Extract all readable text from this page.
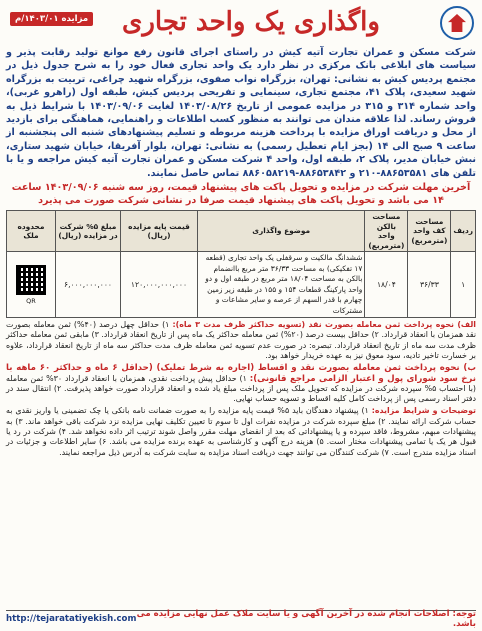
واگذاری یک واحد تجاری
مزایده ۱۴۰۳/۰۱/م
شرکت مسکن و عمران تجارت آتیه کیش در راستای اجرای قانون رفع موانع تولید رقابت پذیر و سیاست های ابلاغی بانک مرکزی در نظر دارد یک واحد تجاری فعال خود را به شرح جدول ذیل در مجتمع پردیس کیش به نشانی: تهران، بزرگراه نواب صفوی، بزرگراه شهید چراغی، تربیت به بزرگراه شهید سعیدی، پلاک ۴۱، مجتمع تجاری، سینمایی و تفریحی پردیس کیش، طبقه اول (راهرو غربی)، واحد شماره ۳۱۴ و ۳۱۵ در مزایده عمومی از تاریخ ۱۴۰۳/۰۸/۲۶ لغایت ۱۴۰۳/۰۹/۰۶ با شرایط ذیل به فروش رساند. لذا علاقه مندان می توانند به منظور کسب اطلاعات و راهنمایی، هماهنگی برای بازدید از محل و دریافت اوراق مزایده با پرداخت هزینه مربوطه و تسلیم پیشنهادهای شنبه الی پنجشنبه از ساعت ۹ صبح الی ۱۴ (بجز ایام تعطیل رسمی) به نشانی: تهران، بلوار آفریقا، خیابان شهید ستاری، نبش خیابان مدیر، پلاک ۲، طبقه اول، واحد ۴ شرکت مسکن و عمران تجارت آتیه کیش مراجعه و یا با تلفن های ۸۸۶۵۳۵۸۱-۲۱۰ و ۸۸۶۵۳۸۴۲-۸۸۶۰۵۸۲۱۹ تماس حاصل نمایند.
آخرین مهلت شرکت در مزایده و تحویل پاکت های پیشنهاد قیمت، روز سه شنبه ۱۴۰۳/۰۹/۰۶ ساعت ۱۴ می باشد و تحویل پاکت های پیشنهاد قیمت صرفا در نشانی شرکت صورت می پذیرد
ردیف	مساحت کف واحد (مترمربع)	مساحت بالکن واحد (مترمربع)	موضوع واگذاری	قیمت پایه مزایده (ریال)	مبلغ ۵% شرکت در مزایده (ریال)	محدوده ملک
۱	۳۶/۳۳	۱۸/۰۴	ششدانگ مالکیت و سرقفلی یک واحد تجاری (قطعه ۱۷ تفکیکی) به مساحت ۳۶/۳۳ متر مربع باانضمام بالکن به مساحت ۱۸/۰۴ متر مربع در طبقه اول و دو واحد پارکینگ قطعات ۱۵۴ و ۱۵۵ در طبقه زیر زمین چهارم با قدر السهم از عرصه و سایر مشاعات و مشترکات	۱۲۰,۰۰۰,۰۰۰,۰۰۰	۶,۰۰۰,۰۰۰,۰۰۰	QR
الف) نحوه پرداخت ثمن معامله بصورت نقد (تسویه حداکثر ظرف مدت ۳ ماه): ۱) حداقل چهل درصد (۴۰%) ثمن معامله بصورت نقد همزمان با انعقاد قرارداد. ۲) حداقل بیست درصد (۲۰%) ثمن معامله حداکثر یک ماه پس از تاریخ انعقاد قرارداد. ۳) مابقی ثمن معامله حداکثر ظرف مدت سه ماه از تاریخ انعقاد قرارداد. تبصره: در صورت عدم تسویه ثمن معامله ظرف مدت حداکثر سه ماه از تاریخ انعقاد قرارداد، علاوه بر خسارت تاخیر تادیه، سود معوق نیز به عهده خریدار خواهد بود.
ب) نحوه پرداخت ثمن معامله بصورت نقد و اقساط (اجاره به شرط تملیک) (حداقل ۶ ماه و حداکثر ۶۰ ماهه با نرخ سود شورای پول و اعتبار الزامی مراجع قانونی): ۱) حداقل پیش پرداخت نقدی، همزمان با انعقاد قرارداد ۳۰% ثمن معامله (با احتساب ۵% سپرده شرکت در مزایده که تحویل ملک پس از پرداخت مبلغ یاد شده و انعقاد قرارداد صورت خواهد پذیرفت. ۲) انتقال سند در دفتر اسناد رسمی پس از پرداخت کامل کلیه اقساط و تسویه حساب نهایی.
توضیحات و شرایط مزایده: ۱) پیشنهاد دهندگان باید ۵% قیمت پایه مزایده را به صورت ضمانت نامه بانکی یا چک تضمینی یا واریز نقدی به حساب شرکت ارائه نمایند. ۲) مبلغ سپرده شرکت در مزایده نفرات اول تا سوم تا تعیین تکلیف نهایی مزایده نزد شرکت باقی خواهد ماند. ۳) به پیشنهادات مبهم، مشروط، فاقد سپرده و یا پیشنهاداتی که بعد از انقضای مهلت مقرر واصل شوند ترتیب اثر داده نخواهد شد. ۴) شرکت در رد یا قبول هر یک یا تمامی پیشنهادات مختار است. ۵) هزینه درج آگهی و کارشناسی به عهده برنده مزایده می باشد. ۶) سایر اطلاعات و جزئیات در اسناد مزایده مندرج است. ۷) شرکت کنندگان می توانند جهت دریافت اسناد مزایده به سایت شرکت به آدرس ذیل مراجعه نمایند.
توجه: اصلاحات انجام شده در آخرین آگهی و یا سایت ملاک عمل نهایی مزایده می باشد.
http://tejaratatiyekish.com
